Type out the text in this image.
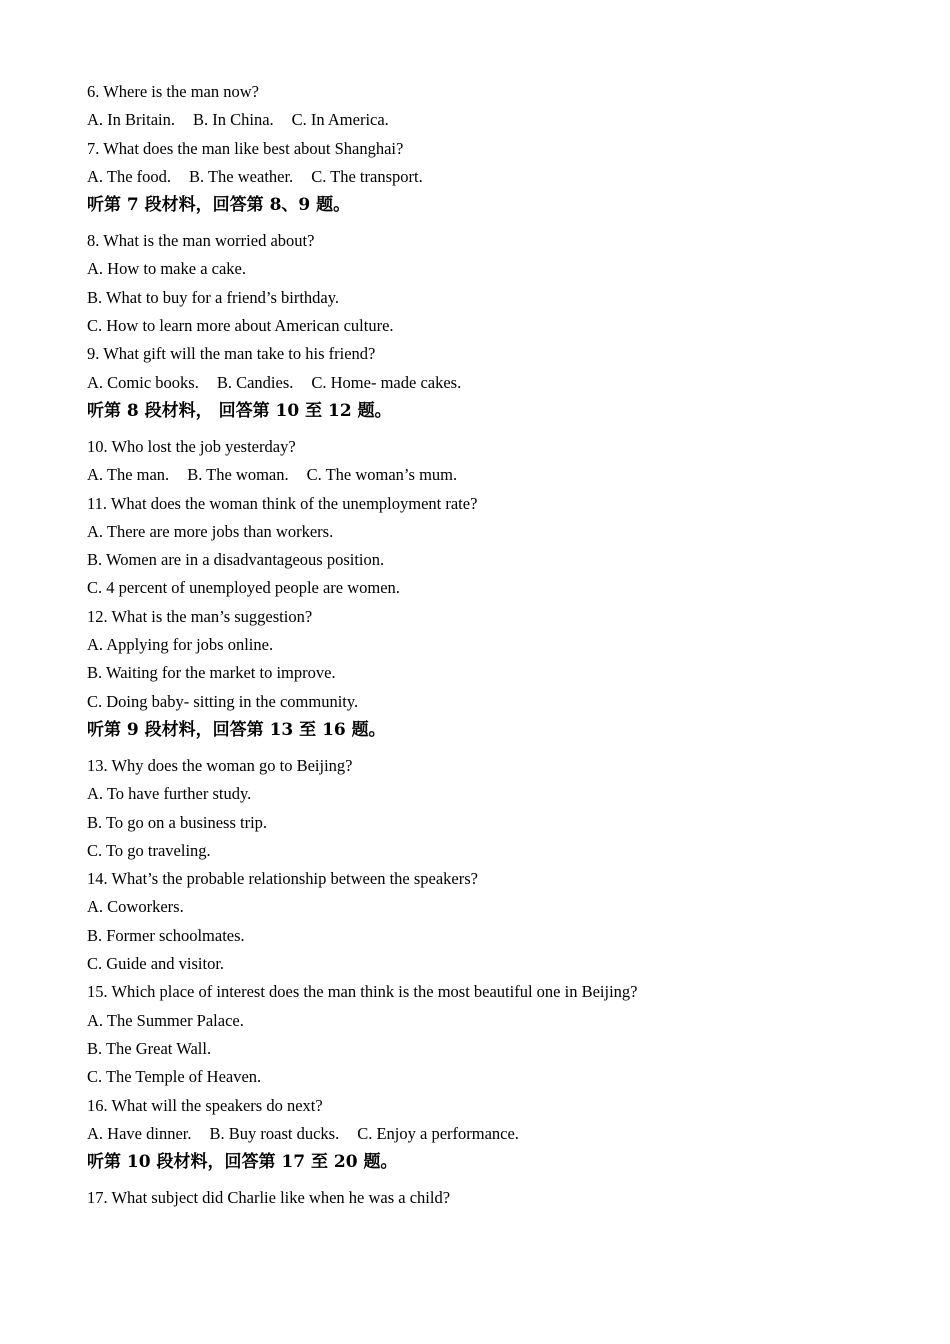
6. Where is the man now?
A. In Britain. B. In China. C. In America.
7. What does the man like best about Shanghai?
A. The food. B. The weather. C. The transport.
听第 7 段材料，回答第 8、9 题。
8. What is the man worried about?
A. How to make a cake.
B. What to buy for a friend’s birthday.
C. How to learn more about American culture.
9. What gift will the man take to his friend?
A. Comic books. B. Candies. C. Home- made cakes.
听第 8 段材料， 回答第 10 至 12 题。
10. Who lost the job yesterday?
A. The man. B. The woman. C. The woman’s mum.
11. What does the woman think of the unemployment rate?
A. There are more jobs than workers.
B. Women are in a disadvantageous position.
C. 4 percent of unemployed people are women.
12. What is the man’s suggestion?
A. Applying for jobs online.
B. Waiting for the market to improve.
C. Doing baby- sitting in the community.
听第 9 段材料，回答第 13 至 16 题。
13. Why does the woman go to Beijing?
A. To have further study.
B. To go on a business trip.
C. To go traveling.
14. What’s the probable relationship between the speakers?
A. Coworkers.
B. Former schoolmates.
C. Guide and visitor.
15. Which place of interest does the man think is the most beautiful one in Beijing?
A. The Summer Palace.
B. The Great Wall.
C. The Temple of Heaven.
16. What will the speakers do next?
A. Have dinner. B. Buy roast ducks. C. Enjoy a performance.
听第 10 段材料，回答第 17 至 20 题。
17. What subject did Charlie like when he was a child?
